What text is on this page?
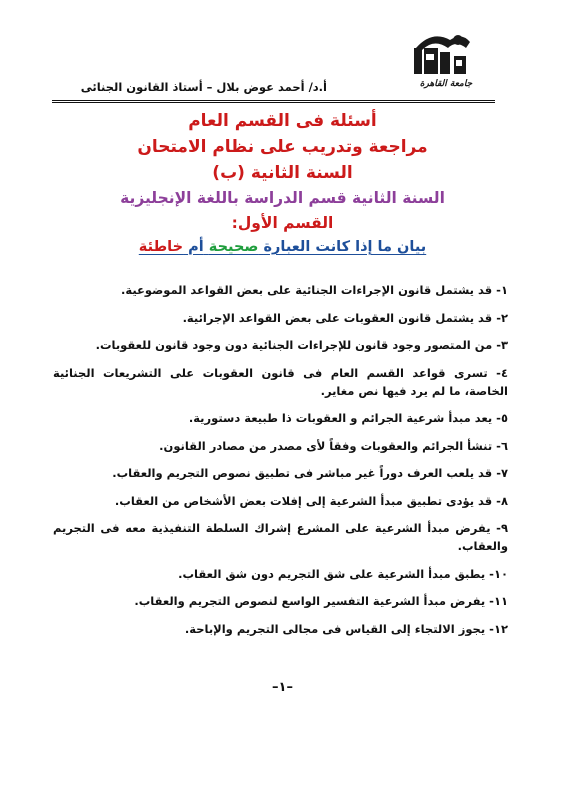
جامعة القاهرة
أ.د/ أحمد عوض بلال – أستاذ القانون الجنائى
أسئلة فى القسم العام
مراجعة وتدريب على نظام الامتحان
السنة الثانية (ب)
السنة الثانية قسم الدراسة باللغة الإنجليزية
القسم الأول:
بيان ما إذا كانت العبارة صحيحة أم خاطئة
١- قد يشتمل قانون الإجراءات الجنائية على بعض القواعد الموضوعية.
٢- قد يشتمل قانون العقوبات على بعض القواعد الإجرائية.
٣- من المتصور وجود قانون للإجراءات الجنائية دون وجود قانون للعقوبات.
٤- تسرى قواعد القسم العام فى قانون العقوبات على التشريعات الجنائية الخاصة، ما لم يرد فيها نص مغاير.
٥- يعد مبدأ شرعية الجرائم و العقوبات ذا طبيعة دستورية.
٦- تنشأ الجرائم والعقوبات وفقاً لأى مصدر من مصادر القانون.
٧- قد يلعب العرف دوراً غير مباشر فى تطبيق نصوص التجريم والعقاب.
٨- قد يؤدى تطبيق مبدأ الشرعية إلى إفلات بعض الأشخاص من العقاب.
٩- يفرض مبدأ الشرعية على المشرع إشراك السلطة التنفيذية معه فى التجريم والعقاب.
١٠- يطبق مبدأ الشرعية على شق التجريم دون شق العقاب.
١١- يفرض مبدأ الشرعية التفسير الواسع لنصوص التجريم والعقاب.
١٢- يجوز الالتجاء إلى القياس فى مجالى التجريم والإباحة.
–١–
